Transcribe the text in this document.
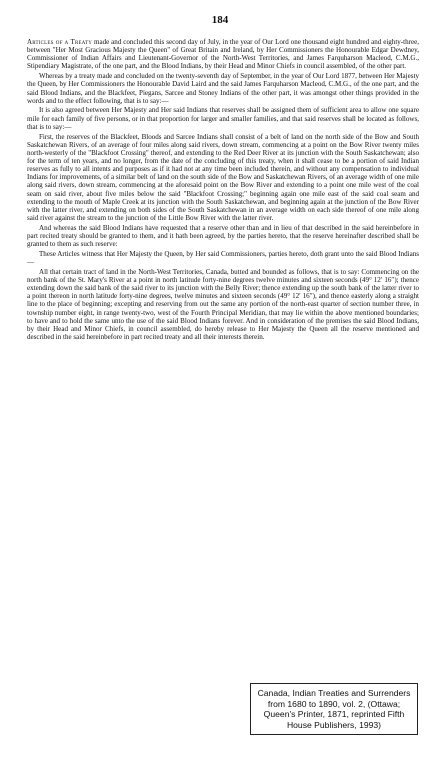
184

Articles of a Treaty made and concluded this second day of July, in the year of Our Lord one thousand eight hundred and eighty-three, between "Her Most Gracious Majesty the Queen" of Great Britain and Ireland, by Her Commissioners the Honourable Edgar Dewdney, Commissioner of Indian Affairs and Lieutenant-Governor of the North-West Territories, and James Farquharson Macleod, C.M.G., Stipendiary Magistrate, of the one part, and the Blood Indians, by their Head and Minor Chiefs in council assembled, of the other part.

Whereas by a treaty made and concluded on the twenty-seventh day of September, in the year of Our Lord 1877, between Her Majesty the Queen, by Her Commissioners the Honourable David Laird and the said James Farquharson Macleod, C.M.G., of the one part, and the said Blood Indians, and the Blackfeet, Piegans, Sarcee and Stoney Indians of the other part, it was amongst other things provided in the words and to the effect following, that is to say:—

It is also agreed between Her Majesty and Her said Indians that reserves shall be assigned them of sufficient area to allow one square mile for each family of five persons, or in that proportion for larger and smaller families, and that said reserves shall be located as follows, that is to say:—

First, the reserves of the Blackfeet, Bloods and Sarcee Indians shall consist of a belt of land on the north side of the Bow and South Saskatchewan Rivers, of an average of four miles along said rivers, down stream, commencing at a point on the Bow River twenty miles north-westerly of the "Blackfoot Crossing" thereof, and extending to the Red Deer River at its junction with the South Saskatchewan; also for the term of ten years, and no longer, from the date of the concluding of this treaty, when it shall cease to be a portion of said Indian reserves as fully to all intents and purposes as if it had not at any time been included therein, and without any compensation to individual Indians for improvements, of a similar belt of land on the south side of the Bow and Saskatchewan Rivers, of an average width of one mile along said rivers, down stream, commencing at the aforesaid point on the Bow River and extending to a point one mile west of the coal seam on said river, about five miles below the said "Blackfoot Crossing;" beginning again one mile east of the said coal seam and extending to the mouth of Maple Creek at its junction with the South Saskatchewan, and beginning again at the junction of the Bow River with the latter river, and extending on both sides of the South Saskatchewan in an average width on each side thereof of one mile along said river against the stream to the junction of the Little Bow River with the latter river.

And whereas the said Blood Indians have requested that a reserve other than and in lieu of that described in the said hereinbefore in part recited treaty should be granted to them, and it hath been agreed, by the parties hereto, that the reserve hereinafter described shall be granted to them as such reserve:

These Articles witness that Her Majesty the Queen, by Her said Commissioners, parties hereto, doth grant unto the said Blood Indians—

All that certain tract of land in the North-West Territories, Canada, butted and bounded as follows, that is to say: Commencing on the north bank of the St. Mary's River at a point in north latitude forty-nine degrees twelve minutes and sixteen seconds (49° 12′ 16″); thence extending down the said bank of the said river to its junction with the Belly River; thence extending up the south bank of the latter river to a point thereon in north latitude forty-nine degrees, twelve minutes and sixteen seconds (49° 12′ 16″), and thence easterly along a straight line to the place of beginning; excepting and reserving from out the same any portion of the north-east quarter of section number three, in township number eight, in range twenty-two, west of the Fourth Principal Meridian, that may lie within the above mentioned boundaries; to have and to hold the same unto the use of the said Blood Indians forever. And in consideration of the premises the said Blood Indians, by their Head and Minor Chiefs, in council assembled, do hereby release to Her Majesty the Queen all the reserve mentioned and described in the said hereinbefore in part recited treaty and all their interests therein.

Canada, Indian Treaties and Surrenders from 1680 to 1890, vol. 2, (Ottawa; Queen's Printer, 1871, reprinted Fifth House Publishers, 1993)
